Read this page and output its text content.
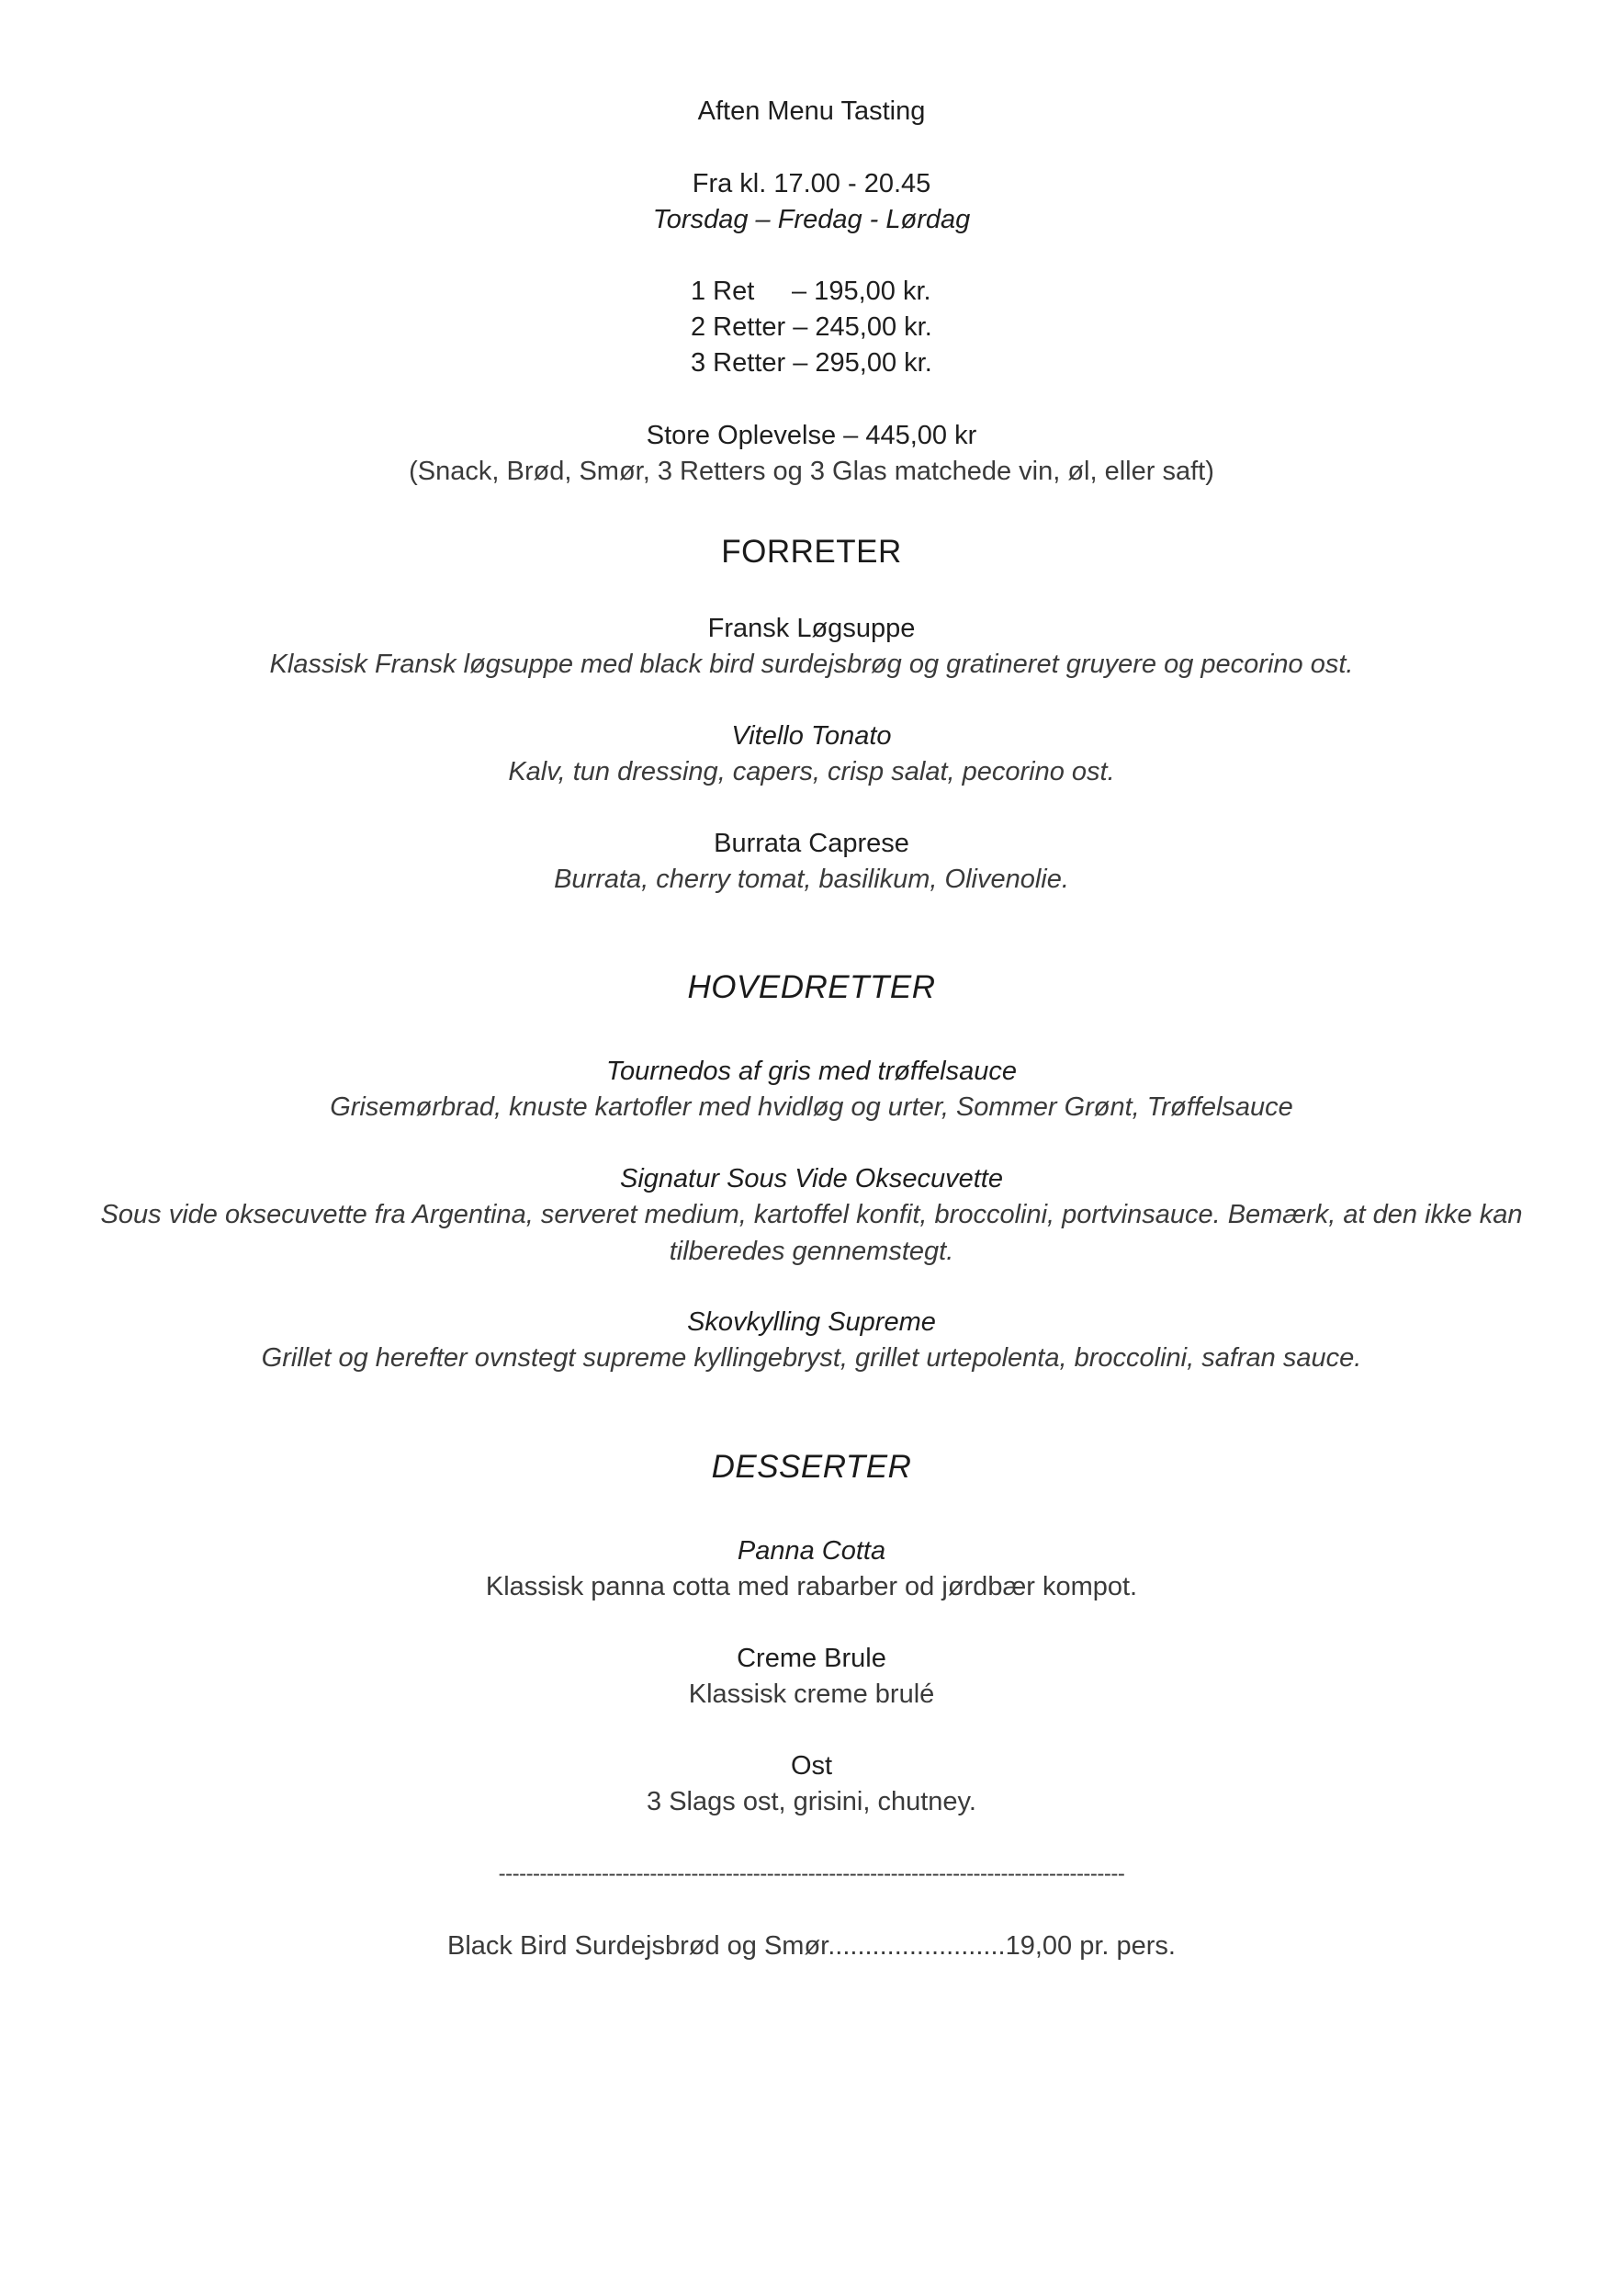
Aften Menu Tasting
Fra kl. 17.00 - 20.45
Torsdag – Fredag - Lørdag
1 Ret – 195,00 kr.
2 Retter – 245,00 kr.
3 Retter – 295,00 kr.
Store Oplevelse – 445,00 kr
(Snack, Brød, Smør, 3 Retters og 3 Glas matchede vin, øl, eller saft)
FORRETER
Fransk Løgsuppe
Klassisk Fransk løgsuppe med black bird surdejsbrøg og gratineret gruyere og pecorino ost.
Vitello Tonato
Kalv, tun dressing, capers, crisp salat, pecorino ost.
Burrata Caprese
Burrata, cherry tomat, basilikum, Olivenolie.
HOVEDRETTER
Tournedos af gris med trøffelsauce
Grisemørbrad, knuste kartofler med hvidløg og urter, Sommer Grønt, Trøffelsauce
Signatur Sous Vide Oksecuvette
Sous vide oksecuvette fra Argentina, serveret medium, kartoffel konfit, broccolini, portvinsauce. Bemærk, at den ikke kan tilberedes gennemstegt.
Skovkylling Supreme
Grillet og herefter ovnstegt supreme kyllingebryst, grillet urtepolenta, broccolini, safran sauce.
DESSERTER
Panna Cotta
Klassisk panna cotta med rabarber od jørdbær kompot.
Creme Brule
Klassisk creme brulé
Ost
3 Slags ost, grisini, chutney.
-------------------------------------------------------------------------------------------
Black Bird Surdejsbrød og Smør........................19,00 pr. pers.
